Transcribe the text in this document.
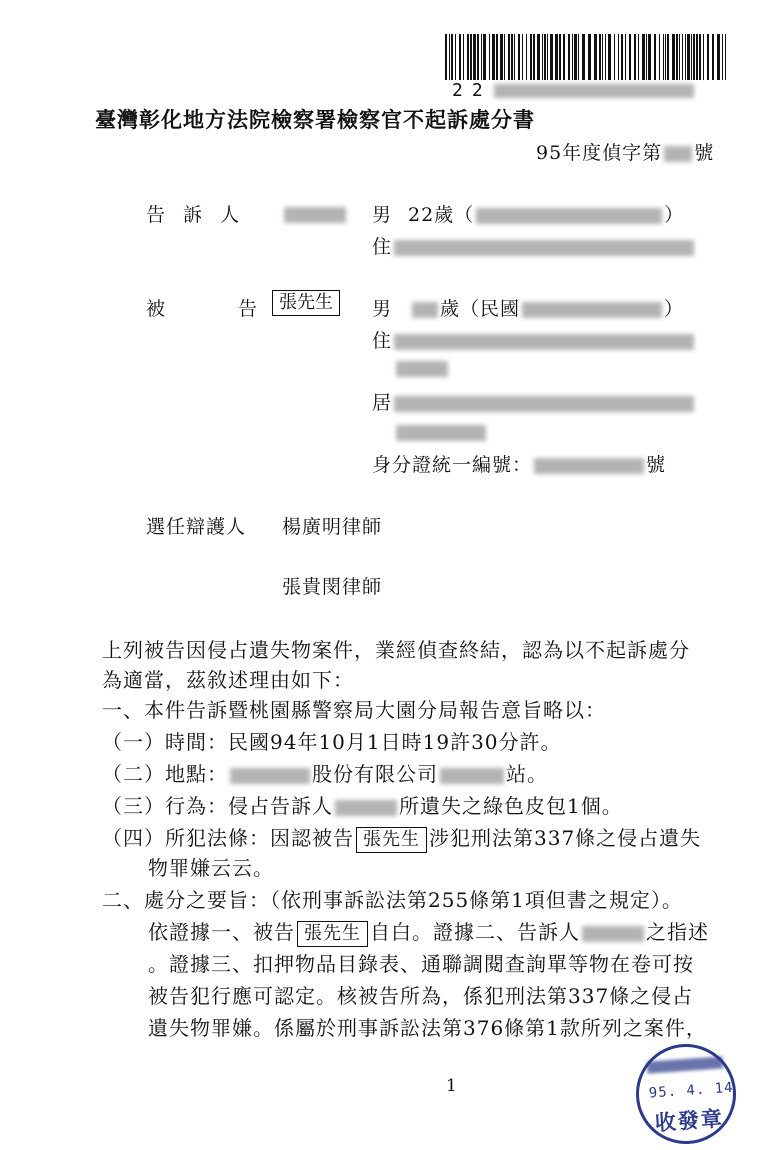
22
臺灣彰化地方法院檢察署檢察官不起訴處分書
95年度偵字第 號
告訴人	男 22歲（	）
住
被	告	張先生	男	歲（民國	）
住
居
身分證統一編號：	號
選任辯護人 楊廣明律師
張貴閔律師
上列被告因侵占遺失物案件，業經偵查終結，認為以不起訴處分
為適當，茲敘述理由如下：
一、本件告訴暨桃園縣警察局大園分局報告意旨略以：
（一）時間：民國94年10月1日時19許30分許。
（二）地點：	股份有限公司	站。
（三）行為：侵占告訴人	所遺失之綠色皮包1個。
（四）所犯法條：因認被告 張先生 涉犯刑法第337條之侵占遺失
物罪嫌云云。
二、處分之要旨：（依刑事訴訟法第255條第1項但書之規定）。
依證據一、被告 張先生 自白。證據二、告訴人	之指述
。證據三、扣押物品目錄表、通聯調閱查詢單等物在卷可按
被告犯行應可認定。核被告所為，係犯刑法第337條之侵占
遺失物罪嫌。係屬於刑事訴訟法第376條第1款所列之案件，
1	95. 4. 14
收發章
